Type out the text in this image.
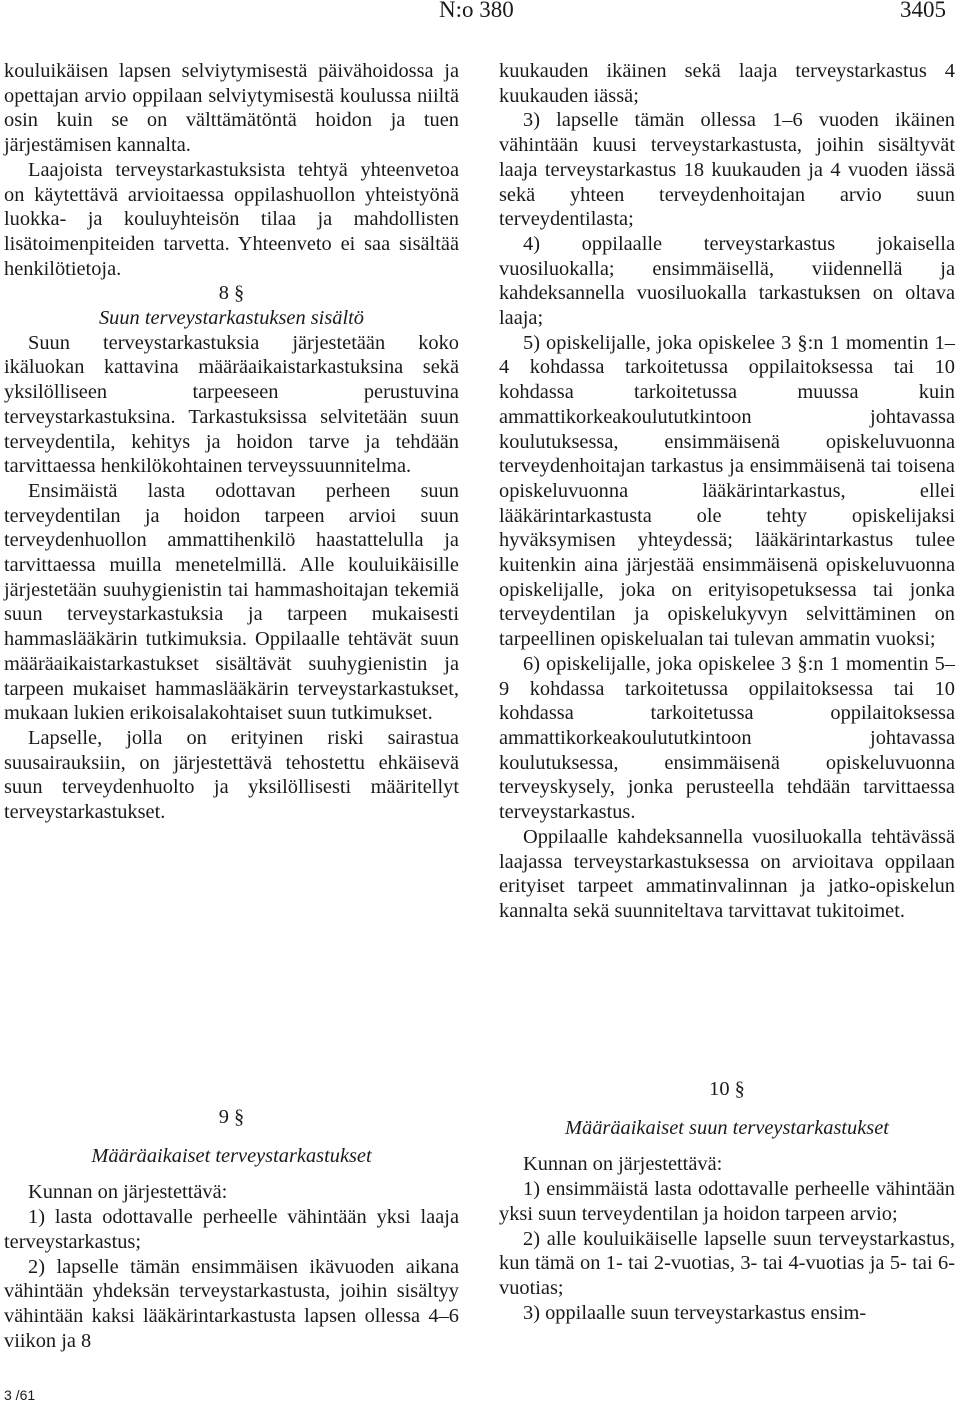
N:o 380	3405

kouluikäisen lapsen selviytymisestä päivähoidossa ja opettajan arvio oppilaan selviytymisestä koulussa niiltä osin kuin se on välttämätöntä hoidon ja tuen järjestämisen kannalta.

Laajoista terveystarkastuksista tehtyä yhteenvetoa on käytettävä arvioitaessa oppilashuollon yhteistyönä luokka- ja kouluyhteisön tilaa ja mahdollisten lisätoimenpiteiden tarvetta. Yhteenveto ei saa sisältää henkilötietoja.

8 §

Suun terveystarkastuksen sisältö

Suun terveystarkastuksia järjestetään koko ikäluokan kattavina määräaikaistarkastuksina sekä yksilölliseen tarpeeseen perustuvina terveystarkastuksina. Tarkastuksissa selvitetään suun terveydentila, kehitys ja hoidon tarve ja tehdään tarvittaessa henkilökohtainen terveyssuunnitelma.

Ensimäistä lasta odottavan perheen suun terveydentilan ja hoidon tarpeen arvioi suun terveydenhuollon ammattihenkilö haastattelulla ja tarvittaessa muilla menetelmillä. Alle kouluikäisille järjestetään suuhygienistin tai hammashoitajan tekemiä suun terveystarkastuksia ja tarpeen mukaisesti hammaslääkärin tutkimuksia. Oppilaalle tehtävät suun määräaikaistarkastukset sisältävät suuhygienistin ja tarpeen mukaiset hammaslääkärin terveystarkastukset, mukaan lukien erikoisalakohtaiset suun tutkimukset.

Lapselle, jolla on erityinen riski sairastua suusairauksiin, on järjestettävä tehostettu ehkäisevä suun terveydenhuolto ja yksilöllisesti määritellyt terveystarkastukset.

kuukauden ikäinen sekä laaja terveystarkastus 4 kuukauden iässä;

3) lapselle tämän ollessa 1–6 vuoden ikäinen vähintään kuusi terveystarkastusta, joihin sisältyvät laaja terveystarkastus 18 kuukauden ja 4 vuoden iässä sekä yhteen terveydenhoitajan arvio suun terveydentilasta;

4) oppilaalle terveystarkastus jokaisella vuosiluokalla; ensimmäisellä, viidennellä ja kahdeksannella vuosiluokalla tarkastuksen on oltava laaja;

5) opiskelijalle, joka opiskelee 3 §:n 1 momentin 1–4 kohdassa tarkoitetussa oppilaitoksessa tai 10 kohdassa tarkoitetussa muussa kuin ammattikorkeakoulututkintoon johtavassa koulutuksessa, ensimmäisenä opiskeluvuonna terveydenhoitajan tarkastus ja ensimmäisenä tai toisena opiskeluvuonna lääkärintarkastus, ellei lääkärintarkastusta ole tehty opiskelijaksi hyväksymisen yhteydessä; lääkärintarkastus tulee kuitenkin aina järjestää ensimmäisenä opiskeluvuonna opiskelijalle, joka on erityisopetuksessa tai jonka terveydentilan ja opiskelukyvyn selvittäminen on tarpeellinen opiskelualan tai tulevan ammatin vuoksi;

6) opiskelijalle, joka opiskelee 3 §:n 1 momentin 5–9 kohdassa tarkoitetussa oppilaitoksessa tai 10 kohdassa tarkoitetussa oppilaitoksessa ammattikorkeakoulututkintoon johtavassa koulutuksessa, ensimmäisenä opiskeluvuonna terveyskysely, jonka perusteella tehdään tarvittaessa terveystarkastus.

Oppilaalle kahdeksannella vuosiluokalla tehtävässä laajassa terveystarkastuksessa on arvioitava oppilaan erityiset tarpeet ammatinvalinnan ja jatko-opiskelun kannalta sekä suunniteltava tarvittavat tukitoimet.

9 §

Määräaikaiset terveystarkastukset

Kunnan on järjestettävä:

1) lasta odottavalle perheelle vähintään yksi laaja terveystarkastus;

2) lapselle tämän ensimmäisen ikävuoden aikana vähintään yhdeksän terveystarkastusta, joihin sisältyy vähintään kaksi lääkärintarkastusta lapsen ollessa 4–6 viikon ja 8

10 §

Määräaikaiset suun terveystarkastukset

Kunnan on järjestettävä:

1) ensimmäistä lasta odottavalle perheelle vähintään yksi suun terveydentilan ja hoidon tarpeen arvio;

2) alle kouluikäiselle lapselle suun terveystarkastus, kun tämä on 1- tai 2-vuotias, 3- tai 4-vuotias ja 5- tai 6-vuotias;

3) oppilaalle suun terveystarkastus ensim-

3 /61
